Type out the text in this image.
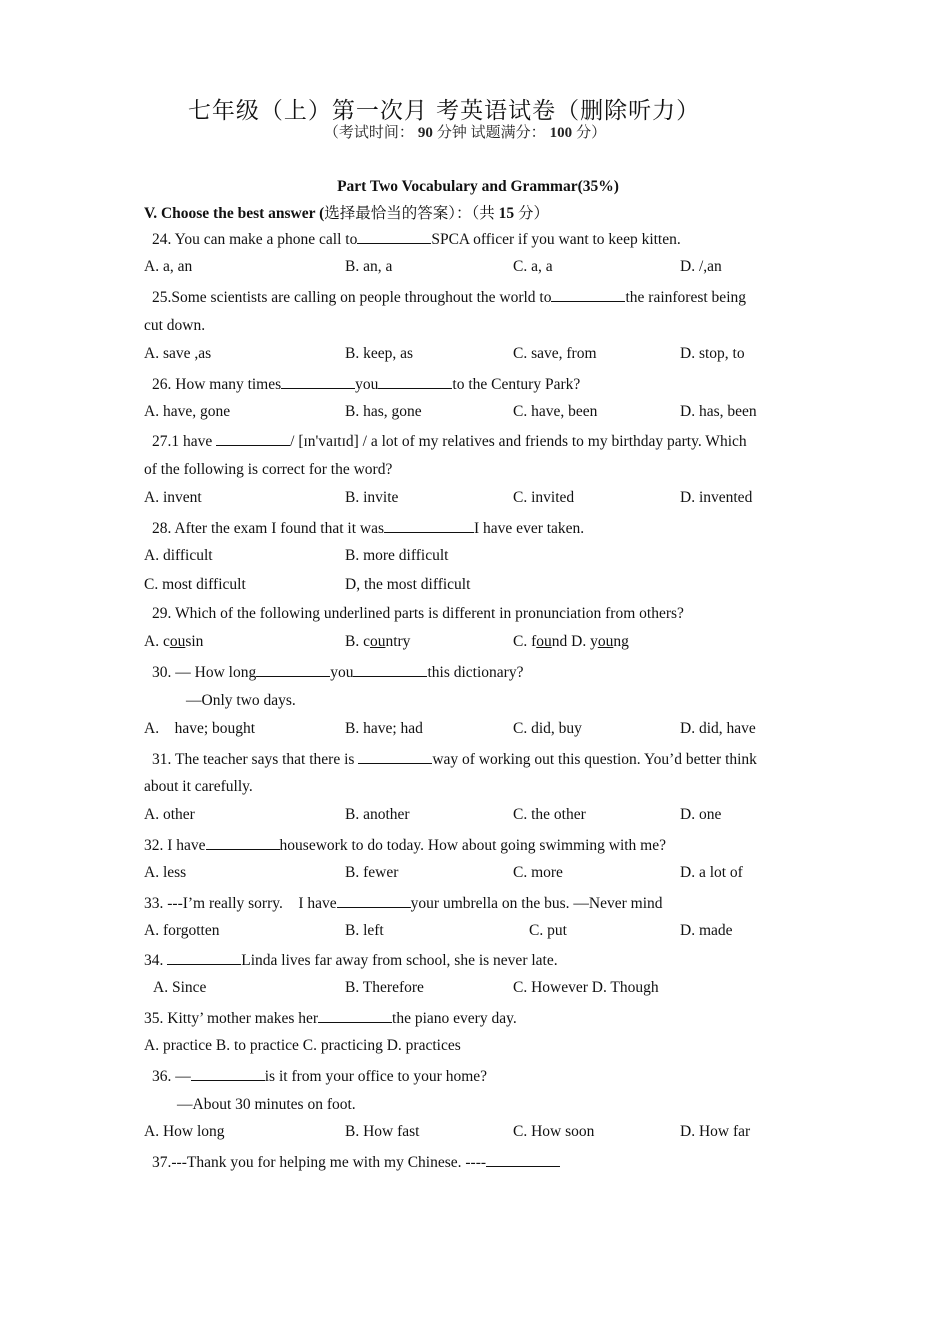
七年级（上）第一次月 考英语试卷（删除听力）
（考试时间： 90 分钟 试题满分： 100 分）
Part Two Vocabulary and Grammar(35%)
V. Choose the best answer (选择最恰当的答案）：（共 15 分）
24. You can make a phone call to	SPCA officer if you want to keep kitten.
A. a, an	B. an, a	C. a, a	D. /,an
25.Some scientists are calling on people throughout the world to	the rainforest being
cut down.
A. save ,as	B. keep, as	C. save, from	D. stop, to
26. How many times	you	to the Century Park?
A. have, gone	B. has, gone	C. have, been	D. has, been
27.1 have	/ [ɪn'vaɪtɪd] / a lot of my relatives and friends to my birthday party. Which
of the following is correct for the word?
A. invent	B. invite	C. invited	D. invented
28. After the exam I found that it was	I have ever taken.
A. difficult	B. more difficult
C. most difficult	D, the most difficult
29. Which of the following underlined parts is different in pronunciation from others?
A. cousin	B. country	C. found D. young
30. — How long	you	this dictionary?
—Only two days.
A.    have; bought	B. have; had	C. did, buy	D. did, have
31. The teacher says that there is	way of working out this question. You’d better think
about it carefully.
A. other	B. another	C. the other	D. one
32. I have	housework to do today. How about going swimming with me?
A. less	B. fewer	C. more	D. a lot of
33. ---I’m really sorry.    I have	your umbrella on the bus. —Never mind
A. forgotten	B. left	C. put	D. made
34.	Linda lives far away from school, she is never late.
A. Since	B. Therefore	C. However D. Though
35. Kitty’ mother makes her	the piano every day.
A. practice B. to practice C. practicing D. practices
36. —	is it from your office to your home?
—About 30 minutes on foot.
A. How long	B. How fast	C. How soon	D. How far
37.---Thank you for helping me with my Chinese. ----
